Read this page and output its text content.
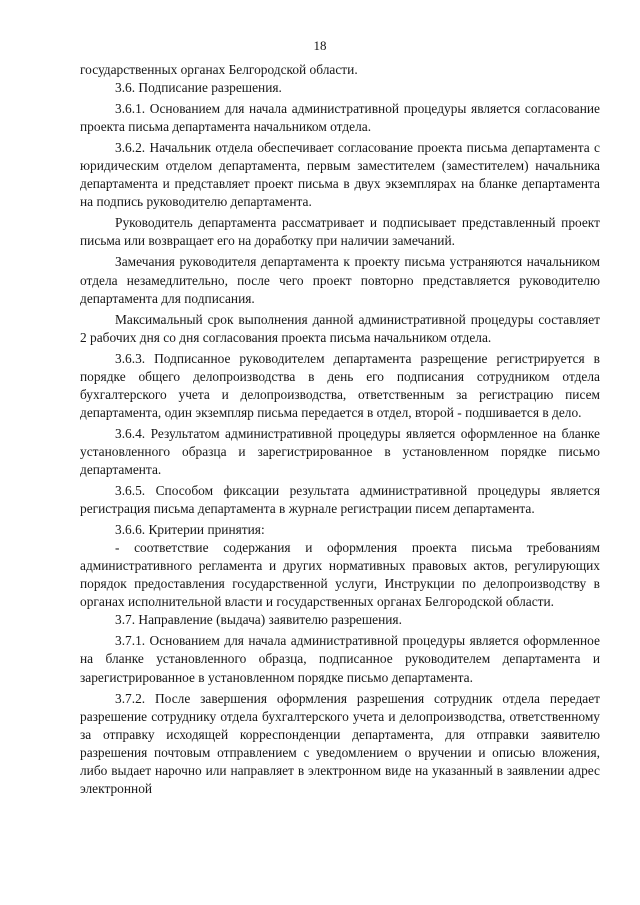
18

государственных органах Белгородской области.

3.6. Подписание разрешения.

3.6.1. Основанием для начала административной процедуры является согласование проекта письма департамента начальником отдела.

3.6.2. Начальник отдела обеспечивает согласование проекта письма департамента с юридическим отделом департамента, первым заместителем (заместителем) начальника департамента и представляет проект письма в двух экземплярах на бланке департамента на подпись руководителю департамента.

Руководитель департамента рассматривает и подписывает представленный проект письма или возвращает его на доработку при наличии замечаний.

Замечания руководителя департамента к проекту письма устраняются начальником отдела незамедлительно, после чего проект повторно представляется руководителю департамента для подписания.

Максимальный срок выполнения данной административной процедуры составляет 2 рабочих дня со дня согласования проекта письма начальником отдела.

3.6.3. Подписанное руководителем департамента разрещение регистрируется в порядке общего делопроизводства в день его подписания сотрудником отдела бухгалтерского учета и делопроизводства, ответственным за регистрацию писем департамента, один экземпляр письма передается в отдел, второй - подшивается в дело.

3.6.4. Результатом административной процедуры является оформленное на бланке установленного образца и зарегистрированное в установленном порядке письмо департамента.

3.6.5. Способом фиксации результата административной процедуры является регистрация письма департамента в журнале регистрации писем департамента.

3.6.6. Критерии принятия:

- соответствие содержания и оформления проекта письма требованиям административного регламента и других нормативных правовых актов, регулирующих порядок предоставления государственной услуги, Инструкции по делопроизводству в органах исполнительной власти и государственных органах Белгородской области.

3.7. Направление (выдача) заявителю разрешения.

3.7.1. Основанием для начала административной процедуры является оформленное на бланке установленного образца, подписанное руководителем департамента и зарегистрированное в установленном порядке письмо департамента.

3.7.2. После завершения оформления разрешения сотрудник отдела передает разрешение сотруднику отдела бухгалтерского учета и делопроизводства, ответственному за отправку исходящей корреспонденции департамента, для отправки заявителю разрешения почтовым отправлением с уведомлением о вручении и описью вложения, либо выдает нарочно или направляет в электронном виде на указанный в заявлении адрес электронной
